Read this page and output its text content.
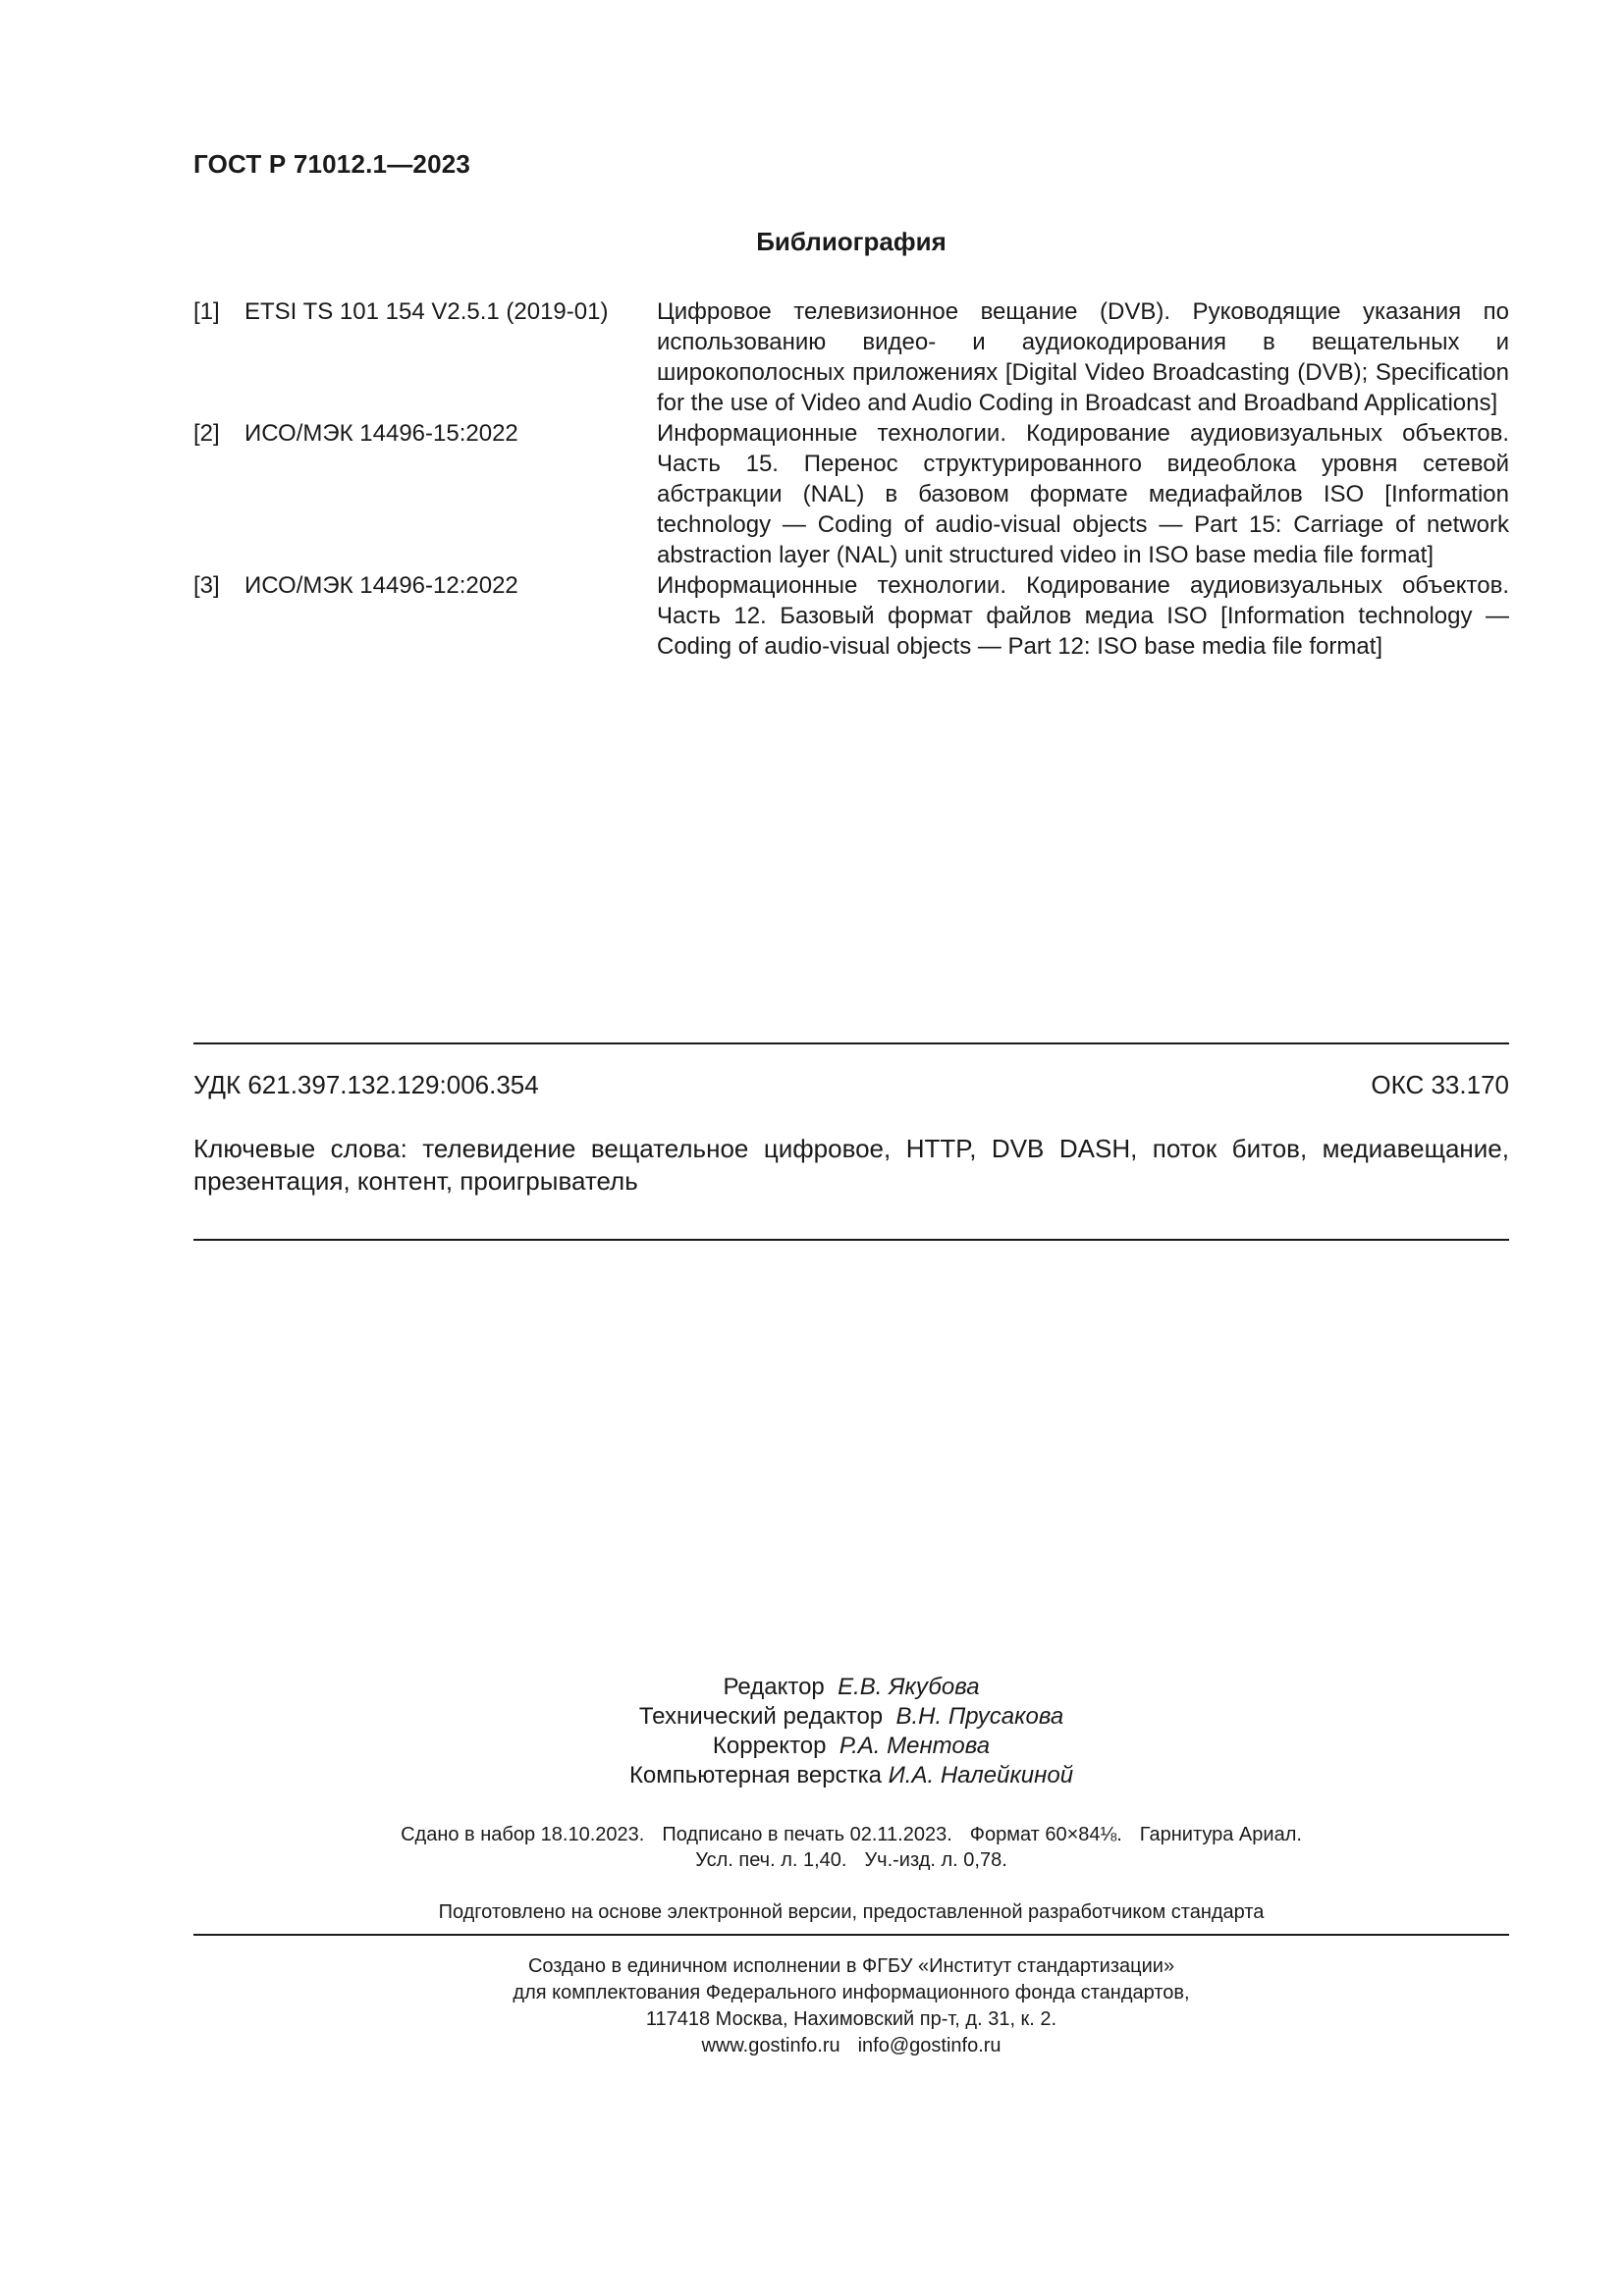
ГОСТ Р 71012.1—2023
Библиография
[1]	ETSI TS 101 154 V2.5.1 (2019-01)	Цифровое телевизионное вещание (DVB). Руководящие указания по использованию видео- и аудиокодирования в вещательных и широкополосных приложениях [Digital Video Broadcasting (DVB); Specification for the use of Video and Audio Coding in Broadcast and Broadband Applications]
[2]	ИСО/МЭК 14496-15:2022	Информационные технологии. Кодирование аудиовизуальных объектов. Часть 15. Перенос структурированного видеоблока уровня сетевой абстракции (NAL) в базовом формате медиафайлов ISO [Information technology — Coding of audio-visual objects — Part 15: Carriage of network abstraction layer (NAL) unit structured video in ISO base media file format]
[3]	ИСО/МЭК 14496-12:2022	Информационные технологии. Кодирование аудиовизуальных объектов. Часть 12. Базовый формат файлов медиа ISO [Information technology — Coding of audio-visual objects — Part 12: ISO base media file format]
УДК 621.397.132.129:006.354	ОКС 33.170
Ключевые слова: телевидение вещательное цифровое, HTTP, DVB DASH, поток битов, медиавещание, презентация, контент, проигрыватель
Редактор Е.В. Якубова
Технический редактор В.Н. Прусакова
Корректор Р.А. Ментова
Компьютерная верстка И.А. Налейкиной
Сдано в набор 18.10.2023. Подписано в печать 02.11.2023. Формат 60×84⅛. Гарнитура Ариал.
Усл. печ. л. 1,40. Уч.-изд. л. 0,78.
Подготовлено на основе электронной версии, предоставленной разработчиком стандарта
Создано в единичном исполнении в ФГБУ «Институт стандартизации»
для комплектования Федерального информационного фонда стандартов,
117418 Москва, Нахимовский пр-т, д. 31, к. 2.
www.gostinfo.ru info@gostinfo.ru
